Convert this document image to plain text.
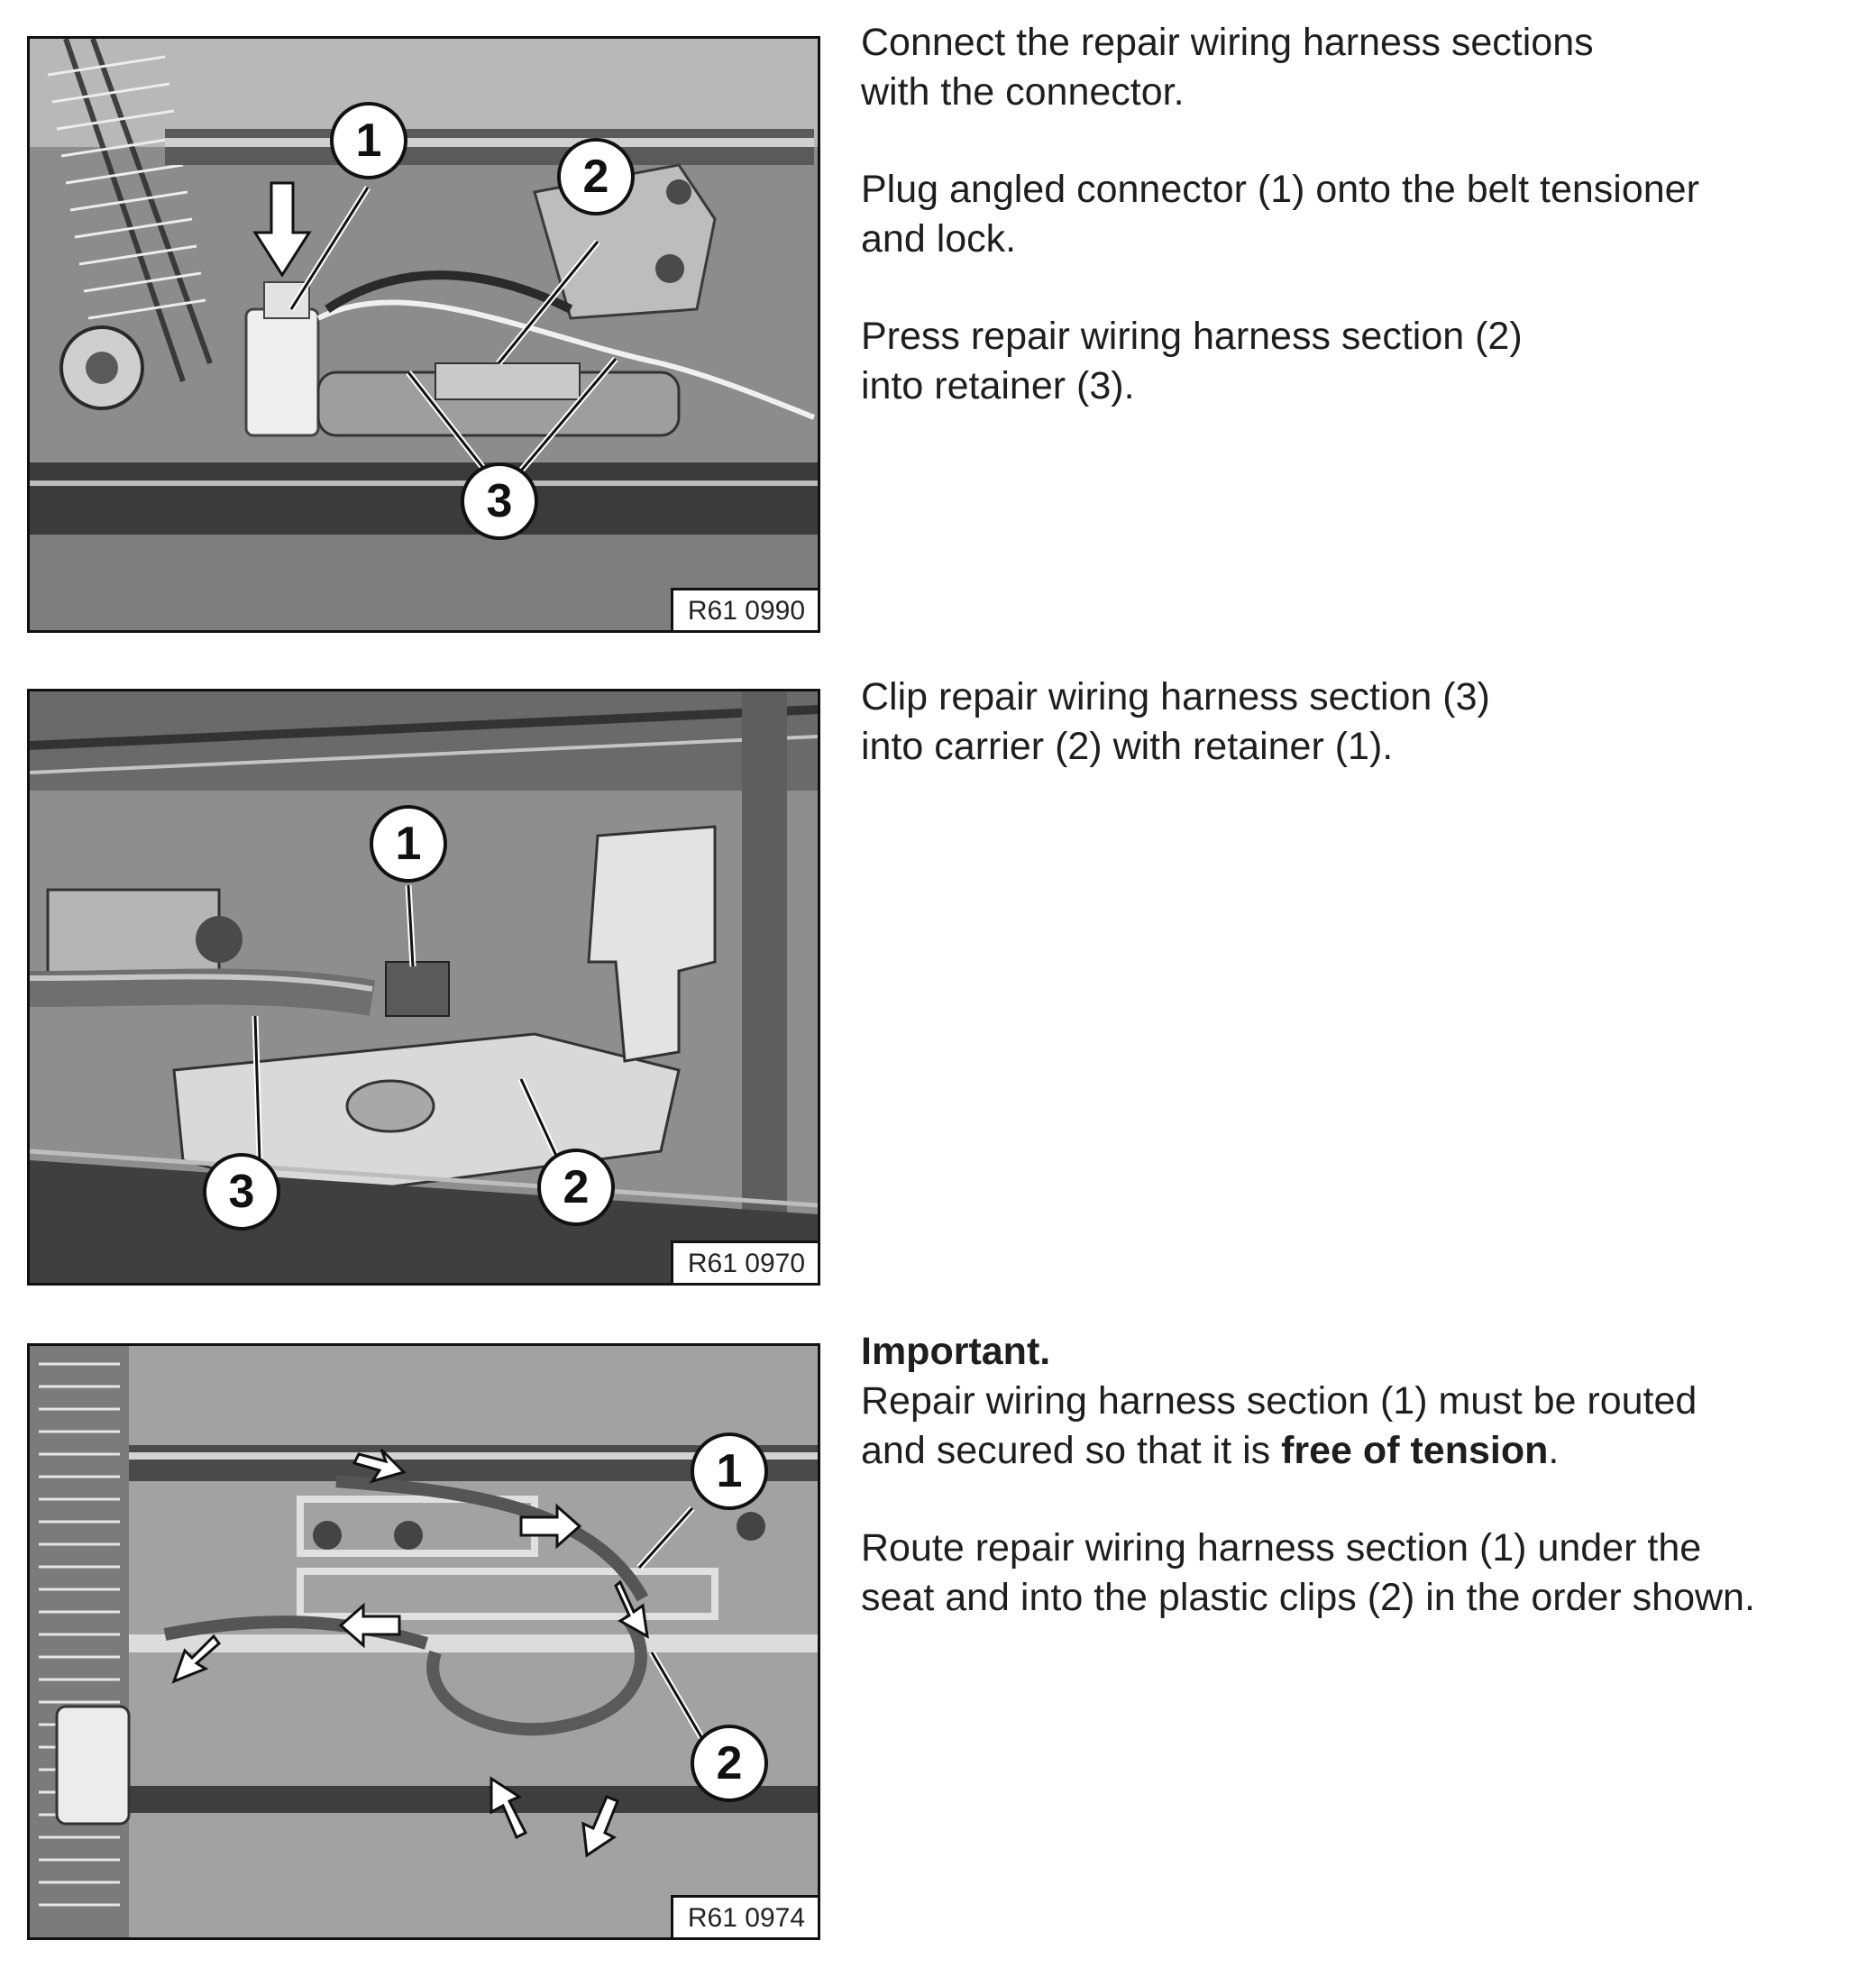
1
2
3
R61 0990

Connect the repair wiring harness sections
with the connector.

Plug angled connector (1) onto the belt tensioner
and lock.

Press repair wiring harness section (2)
into retainer (3).

1
2
3
R61 0970

Clip repair wiring harness section (3)
into carrier (2) with retainer (1).

1
2
R61 0974

Important.
Repair wiring harness section (1) must be routed
and secured so that it is free of tension.

Route repair wiring harness section (1) under the
seat and into the plastic clips (2) in the order shown.
